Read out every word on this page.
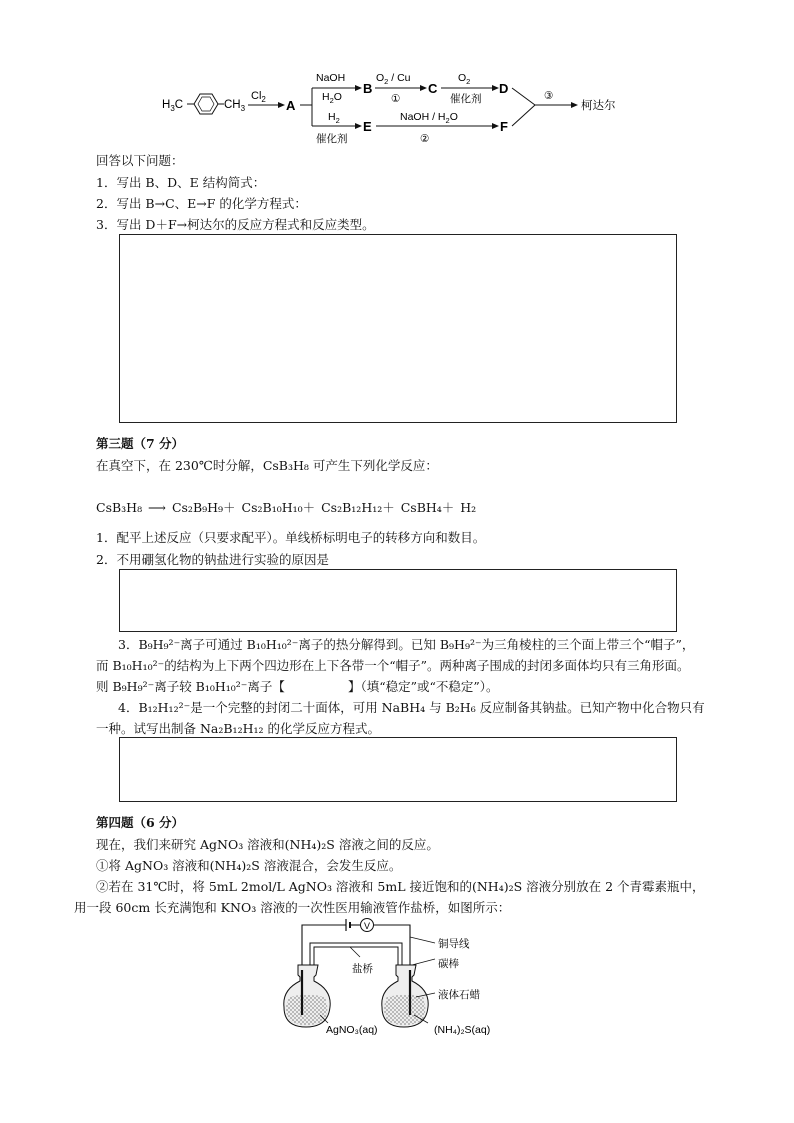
$H_3C$	$CH_3$
$Cl_2$ A
NaOH
$H_2O$
B
$O_2$ / Cu
①
C
$O_2$
催化剂
D
$H_2$
催化剂
E
NaOH / $H_2O$
②
F
③
柯达尔
回答以下问题：
1．写出 B、D、E 结构简式：
2．写出 B→C、E→F 的化学方程式：
3．写出 D＋F→柯达尔的反应方程式和反应类型。
第三题（7 分）
在真空下，在 230℃时分解，CsB₃H₈ 可产生下列化学反应：
CsB₃H₈ ⟶ Cs₂B₉H₉＋ Cs₂B₁₀H₁₀＋ Cs₂B₁₂H₁₂＋ CsBH₄＋ H₂
1．配平上述反应（只要求配平）。单线桥标明电子的转移方向和数目。
2．不用硼氢化物的钠盐进行实验的原因是
3．B₉H₉²⁻离子可通过 B₁₀H₁₀²⁻离子的热分解得到。已知 B₉H₉²⁻为三角棱柱的三个面上带三个“帽子”，
而 B₁₀H₁₀²⁻的结构为上下两个四边形在上下各带一个“帽子”。两种离子围成的封闭多面体均只有三角形面。
则 B₉H₉²⁻离子较 B₁₀H₁₀²⁻离子【	】（填“稳定”或“不稳定”）。
4．B₁₂H₁₂²⁻是一个完整的封闭二十面体，可用 NaBH₄ 与 B₂H₆ 反应制备其钠盐。已知产物中化合物只有
一种。试写出制备 Na₂B₁₂H₁₂ 的化学反应方程式。
第四题（6 分）
现在，我们来研究 AgNO₃ 溶液和(NH₄)₂S 溶液之间的反应。
①将 AgNO₃ 溶液和(NH₄)₂S 溶液混合，会发生反应。
②若在 31℃时，将 5mL 2mol/L AgNO₃ 溶液和 5mL 接近饱和的(NH₄)₂S 溶液分别放在 2 个青霉素瓶中，
用一段 60cm 长充满饱和 KNO₃ 溶液的一次性医用输液管作盐桥，如图所示：
V
铜导线
碳棒
盐桥
液体石蜡
AgNO₃(aq)	(NH₄)₂S(aq)
